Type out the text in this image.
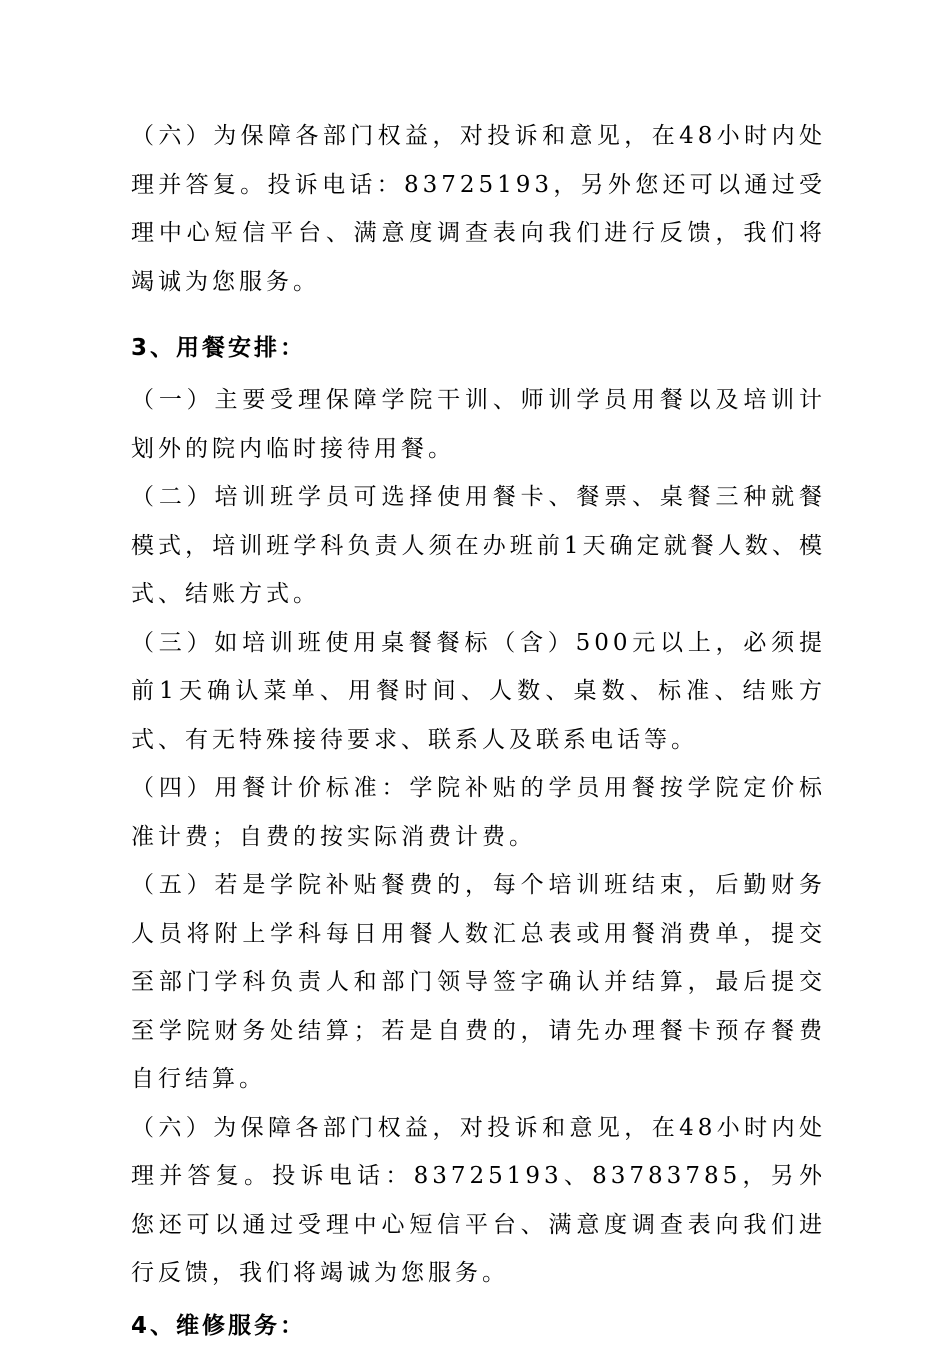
（六）为保障各部门权益，对投诉和意见，在48小时内处理并答复。投诉电话：83725193，另外您还可以通过受理中心短信平台、满意度调查表向我们进行反馈，我们将竭诚为您服务。

3、用餐安排：

（一）主要受理保障学院干训、师训学员用餐以及培训计划外的院内临时接待用餐。

（二）培训班学员可选择使用餐卡、餐票、桌餐三种就餐模式，培训班学科负责人须在办班前1天确定就餐人数、模式、结账方式。

（三）如培训班使用桌餐餐标（含）500元以上，必须提前1天确认菜单、用餐时间、人数、桌数、标准、结账方式、有无特殊接待要求、联系人及联系电话等。

（四）用餐计价标准：学院补贴的学员用餐按学院定价标准计费；自费的按实际消费计费。

（五）若是学院补贴餐费的，每个培训班结束，后勤财务人员将附上学科每日用餐人数汇总表或用餐消费单，提交至部门学科负责人和部门领导签字确认并结算，最后提交至学院财务处结算；若是自费的，请先办理餐卡预存餐费自行结算。

（六）为保障各部门权益，对投诉和意见，在48小时内处理并答复。投诉电话：83725193、83783785，另外您还可以通过受理中心短信平台、满意度调查表向我们进行反馈，我们将竭诚为您服务。

4、维修服务：
